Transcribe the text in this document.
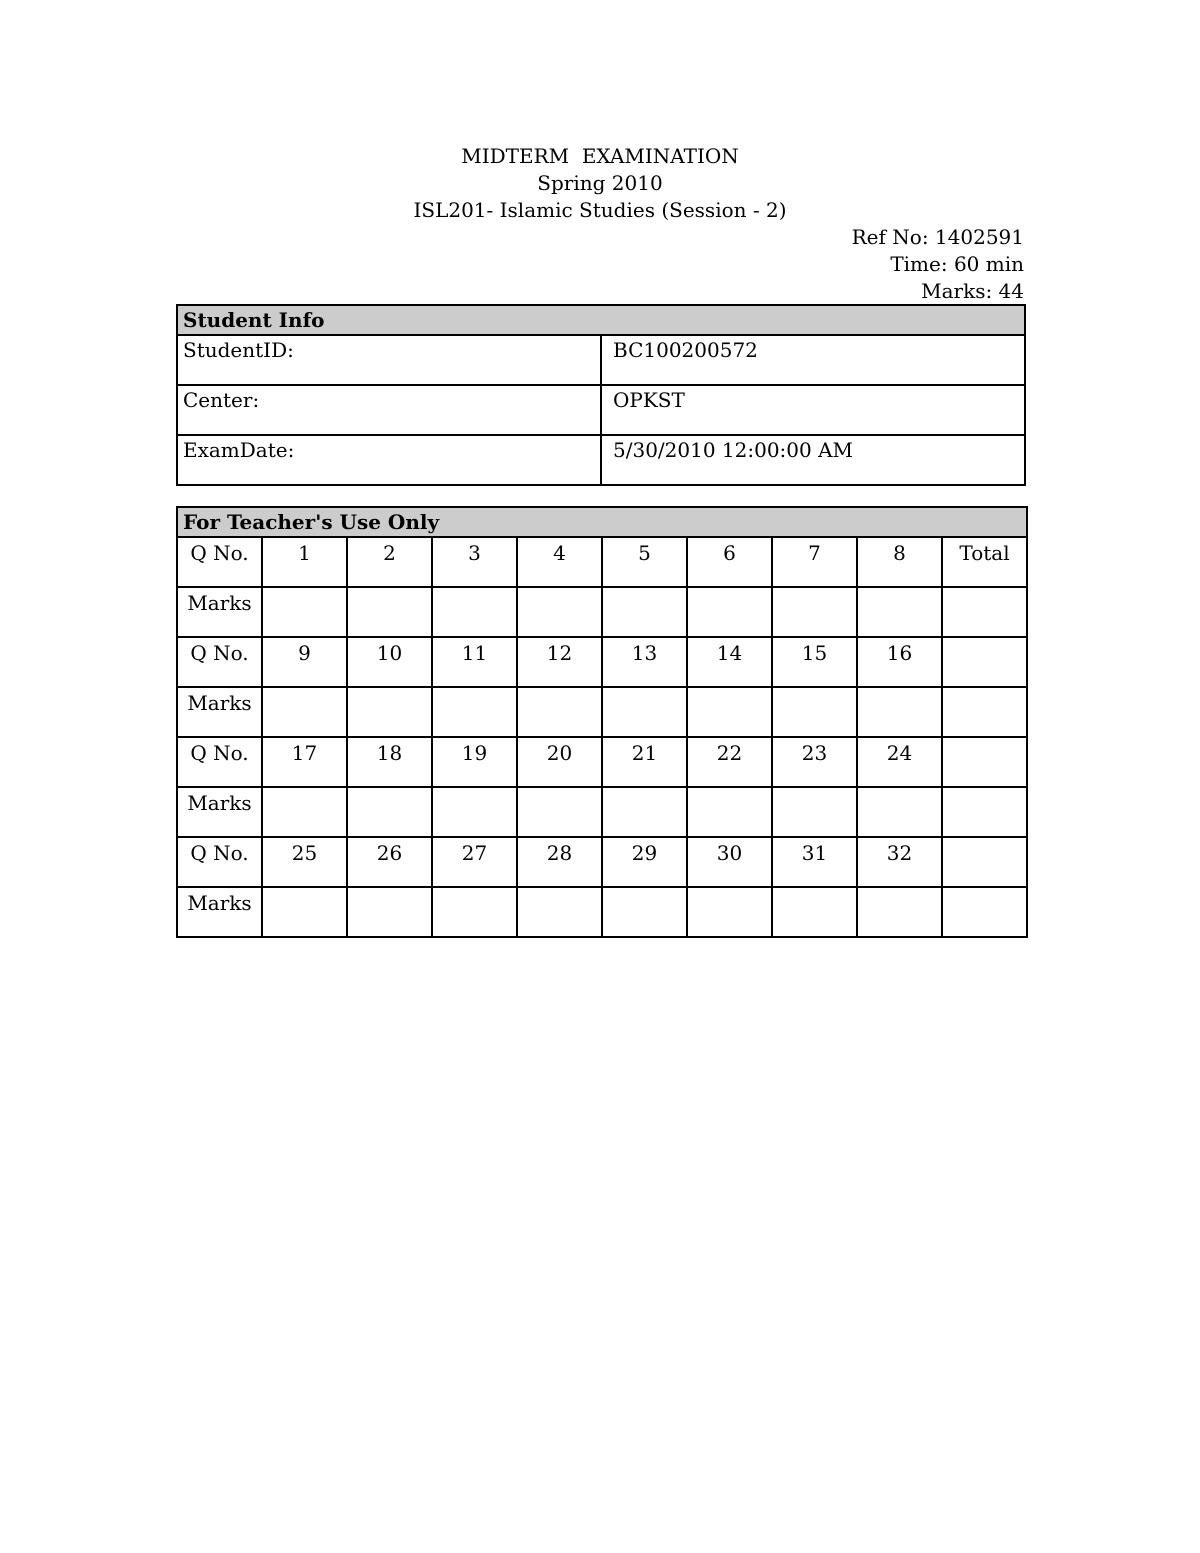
MIDTERM  EXAMINATION
Spring 2010
ISL201- Islamic Studies (Session - 2)
Ref No: 1402591
Time: 60 min
Marks: 44
Student Info	
StudentID:	BC100200572
Center:	OPKST
ExamDate:	5/30/2010 12:00:00 AM
For Teacher's Use Only									
Q No.	1	2	3	4	5	6	7	8	Total
Marks									
Q No.	9	10	11	12	13	14	15	16	
Marks									
Q No.	17	18	19	20	21	22	23	24	
Marks									
Q No.	25	26	27	28	29	30	31	32	
Marks									
